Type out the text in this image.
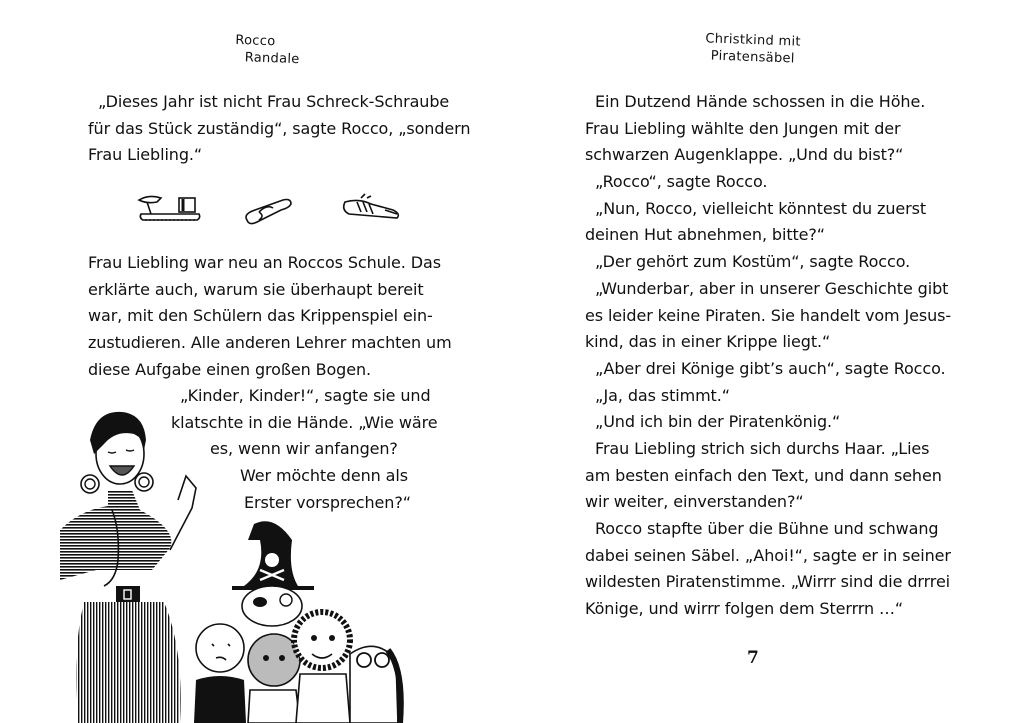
Rocco
Randale
„Dieses Jahr ist nicht Frau Schreck-Schraube
für das Stück zuständig“, sagte Rocco, „sondern
Frau Liebling.“
Frau Liebling war neu an Roccos Schule. Das
erklärte auch, warum sie überhaupt bereit
war, mit den Schülern das Krippenspiel ein-
zustudieren. Alle anderen Lehrer machten um
diese Aufgabe einen großen Bogen.
„Kinder, Kinder!“, sagte sie und
klatschte in die Hände. „Wie wäre
es, wenn wir anfangen?
Wer möchte denn als
Erster vorsprechen?“
Christkind mit
Piratensäbel
Ein Dutzend Hände schossen in die Höhe.
Frau Liebling wählte den Jungen mit der
schwarzen Augenklappe. „Und du bist?“
„Rocco“, sagte Rocco.
„Nun, Rocco, vielleicht könntest du zuerst
deinen Hut abnehmen, bitte?“
„Der gehört zum Kostüm“, sagte Rocco.
„Wunderbar, aber in unserer Geschichte gibt
es leider keine Piraten. Sie handelt vom Jesus-
kind, das in einer Krippe liegt.“
„Aber drei Könige gibt’s auch“, sagte Rocco.
„Ja, das stimmt.“
„Und ich bin der Piratenkönig.“
Frau Liebling strich sich durchs Haar. „Lies
am besten einfach den Text, und dann sehen
wir weiter, einverstanden?“
Rocco stapfte über die Bühne und schwang
dabei seinen Säbel. „Ahoi!“, sagte er in seiner
wildesten Piratenstimme. „Wirrr sind die drrrei
Könige, und wirrr folgen dem Sterrrn …“
7
